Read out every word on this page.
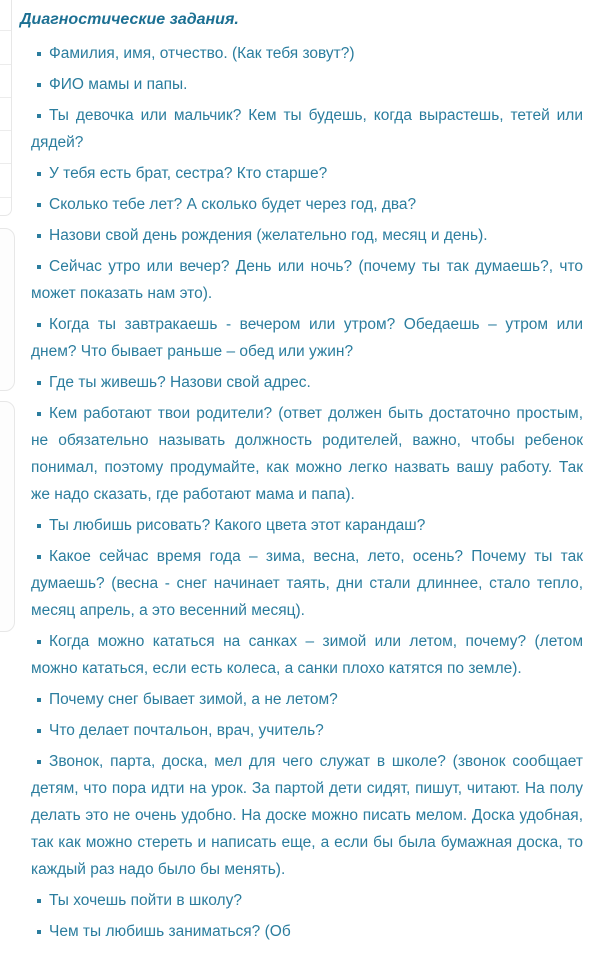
Диагностические задания.

Фамилия, имя, отчество. (Как тебя зовут?)

ФИО мамы и папы.

Ты девочка или мальчик? Кем ты будешь, когда вырастешь, тетей или дядей?

У тебя есть брат, сестра? Кто старше?

Сколько тебе лет? А сколько будет через год, два?

Назови свой день рождения (желательно год, месяц и день).

Сейчас утро или вечер? День или ночь? (почему ты так думаешь?, что может показать нам это).

Когда ты завтракаешь - вечером или утром? Обедаешь – утром или днем? Что бывает раньше – обед или ужин?

Где ты живешь? Назови свой адрес.

Кем работают твои родители? (ответ должен быть достаточно простым, не обязательно называть должность родителей, важно, чтобы ребенок понимал, поэтому продумайте, как можно легко назвать вашу работу. Так же надо сказать, где работают мама и папа).

Ты любишь рисовать? Какого цвета этот карандаш?

Какое сейчас время года – зима, весна, лето, осень? Почему ты так думаешь? (весна - снег начинает таять, дни стали длиннее, стало тепло, месяц апрель, а это весенний месяц).

Когда можно кататься на санках – зимой или летом, почему? (летом можно кататься, если есть колеса, а санки плохо катятся по земле).

Почему снег бывает зимой, а не летом?

Что делает почтальон, врач, учитель?

Звонок, парта, доска, мел для чего служат в школе? (звонок сообщает детям, что пора идти на урок. За партой дети сидят, пишут, читают. На полу делать это не очень удобно. На доске можно писать мелом. Доска удобная, так как можно стереть и написать еще, а если бы была бумажная доска, то каждый раз надо было бы менять).

Ты хочешь пойти в школу?

Чем ты любишь заниматься? (Об
